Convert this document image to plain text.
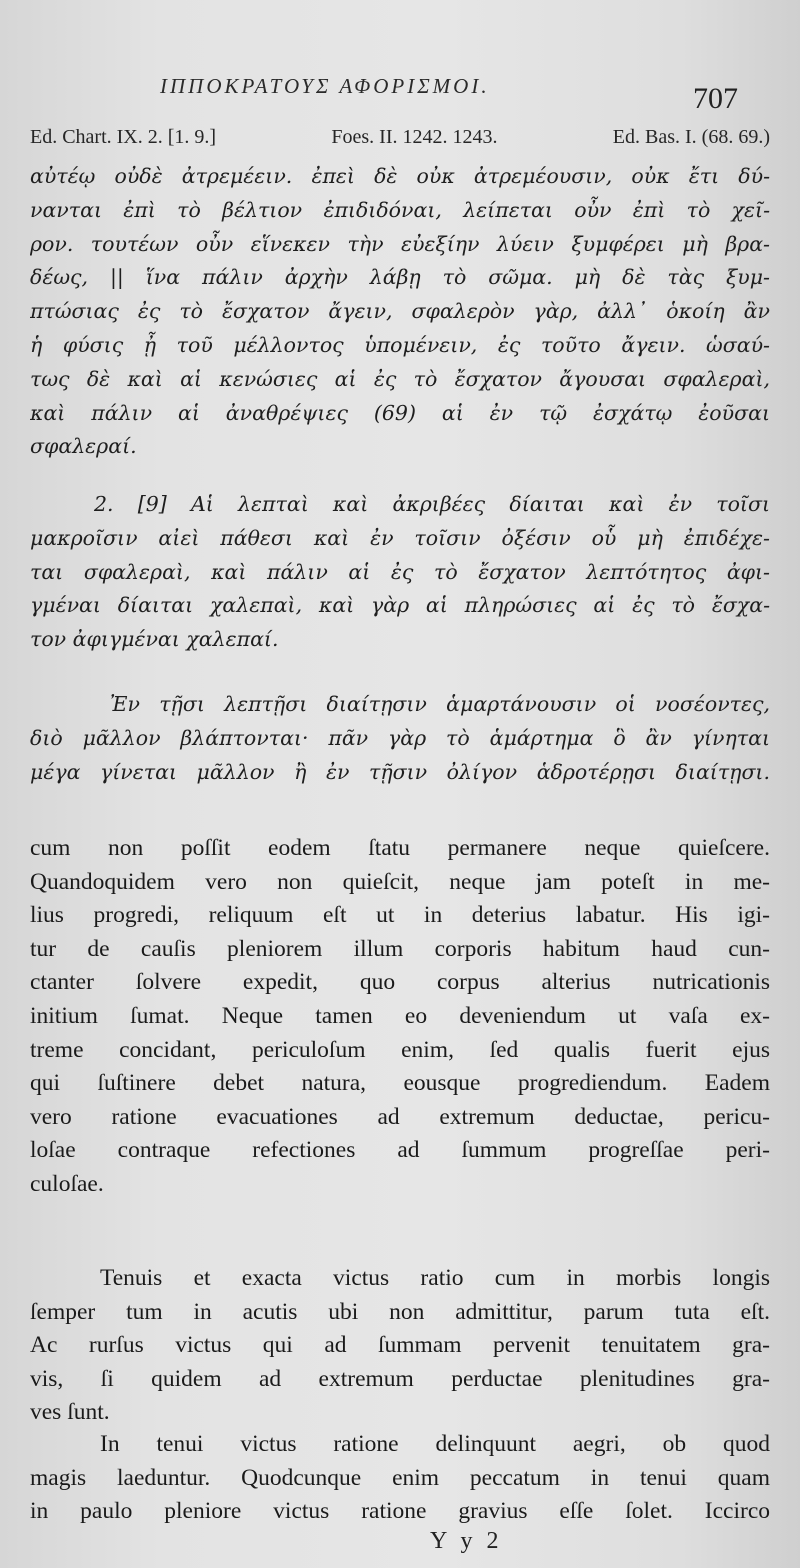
ΙΠΠΟΚΡΑΤΟΥΣ ΑΦΟΡΙΣΜΟΙ.	707
Ed. Chart. IX. 2. [1. 9.]	Foes. II. 1242. 1243.	Ed. Bas. I. (68. 69.)
αὐτέῳ οὐδὲ ἀτρεμέειν. ἐπεὶ δὲ οὐκ ἀτρεμέουσιν, οὐκ ἔτι δύ-
νανται ἐπὶ τὸ βέλτιον ἐπιδιδόναι, λείπεται οὖν ἐπὶ τὸ χεῖ-
ρον. τουτέων οὖν εἵνεκεν τὴν εὐεξίην λύειν ξυμφέρει μὴ βρα-
δέως, || ἵνα πάλιν ἀρχὴν λάβῃ τὸ σῶμα. μὴ δὲ τὰς ξυμ-
πτώσιας ἐς τὸ ἔσχατον ἄγειν, σφαλερὸν γὰρ, ἀλλ᾽ ὁκοίη ἂν
ἡ φύσις ᾖ τοῦ μέλλοντος ὑπομένειν, ἐς τοῦτο ἄγειν. ὡσαύ-
τως δὲ καὶ αἱ κενώσιες αἱ ἐς τὸ ἔσχατον ἄγουσαι σφαλεραὶ,
καὶ πάλιν αἱ ἀναθρέψιες (69) αἱ ἐν τῷ ἐσχάτῳ ἐοῦσαι
σφαλεραί.
2. [9] Αἱ λεπταὶ καὶ ἀκριβέες δίαιται καὶ ἐν τοῖσι
μακροῖσιν αἰεὶ πάθεσι καὶ ἐν τοῖσιν ὀξέσιν οὗ μὴ ἐπιδέχε-
ται σφαλεραὶ, καὶ πάλιν αἱ ἐς τὸ ἔσχατον λεπτότητος ἀφι-
γμέναι δίαιται χαλεπαὶ, καὶ γὰρ αἱ πληρώσιες αἱ ἐς τὸ ἔσχα-
τον ἀφιγμέναι χαλεπαί.
Ἐν τῇσι λεπτῇσι διαίτῃσιν ἁμαρτάνουσιν οἱ νοσέοντες,
διὸ μᾶλλον βλάπτονται· πᾶν γὰρ τὸ ἁμάρτημα ὃ ἂν γίνηται
μέγα γίνεται μᾶλλον ἢ ἐν τῇσιν ὀλίγον ἁδροτέρῃσι διαίτῃσι.
cum non poſſit eodem ſtatu permanere neque quieſcere.
Quandoquidem vero non quieſcit, neque jam poteſt in me-
lius progredi, reliquum eſt ut in deterius labatur. His igi-
tur de cauſis pleniorem illum corporis habitum haud cun-
ctanter ſolvere expedit, quo corpus alterius nutricationis
initium ſumat. Neque tamen eo deveniendum ut vaſa ex-
treme concidant, periculoſum enim, ſed qualis fuerit ejus
qui ſuſtinere debet natura, eousque progrediendum. Eadem
vero ratione evacuationes ad extremum deductae, pericu-
loſae contraque refectiones ad ſummum progreſſae peri-
culoſae.
Tenuis et exacta victus ratio cum in morbis longis
ſemper tum in acutis ubi non admittitur, parum tuta eſt.
Ac rurſus victus qui ad ſummam pervenit tenuitatem gra-
vis, ſi quidem ad extremum perductae plenitudines gra-
ves ſunt.
In tenui victus ratione delinquunt aegri, ob quod
magis laeduntur. Quodcunque enim peccatum in tenui quam
in paulo pleniore victus ratione gravius eſſe ſolet. Iccirco
Y y 2
